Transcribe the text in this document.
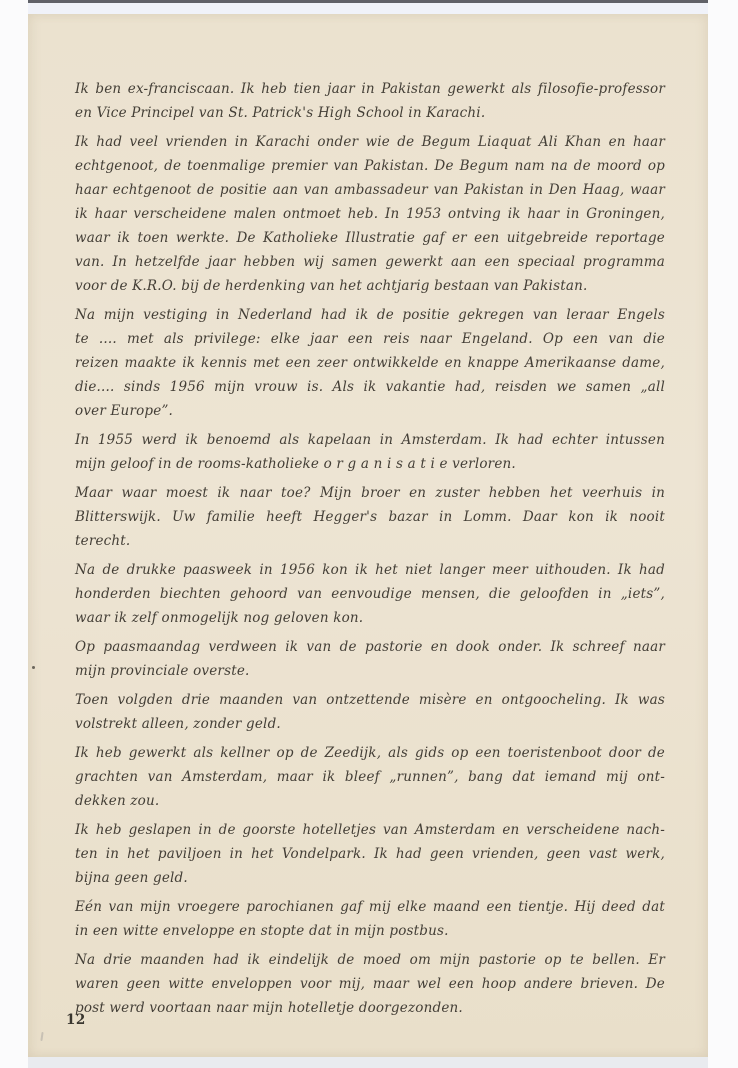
Ik ben ex-franciscaan. Ik heb tien jaar in Pakistan gewerkt als filosofie-professor
en Vice Principel van St. Patrick's High School in Karachi.

Ik had veel vrienden in Karachi onder wie de Begum Liaquat Ali Khan en haar
echtgenoot, de toenmalige premier van Pakistan. De Begum nam na de moord op
haar echtgenoot de positie aan van ambassadeur van Pakistan in Den Haag, waar
ik haar verscheidene malen ontmoet heb. In 1953 ontving ik haar in Groningen,
waar ik toen werkte. De Katholieke Illustratie gaf er een uitgebreide reportage
van. In hetzelfde jaar hebben wij samen gewerkt aan een speciaal programma
voor de K.R.O. bij de herdenking van het achtjarig bestaan van Pakistan.

Na mijn vestiging in Nederland had ik de positie gekregen van leraar Engels
te .... met als privilege: elke jaar een reis naar Engeland. Op een van die
reizen maakte ik kennis met een zeer ontwikkelde en knappe Amerikaanse dame,
die.... sinds 1956 mijn vrouw is. Als ik vakantie had, reisden we samen „all
over Europe”.

In 1955 werd ik benoemd als kapelaan in Amsterdam. Ik had echter intussen
mijn geloof in de rooms-katholieke o r g a n i s a t i e verloren.

Maar waar moest ik naar toe? Mijn broer en zuster hebben het veerhuis in
Blitterswijk. Uw familie heeft Hegger's bazar in Lomm. Daar kon ik nooit
terecht.

Na de drukke paasweek in 1956 kon ik het niet langer meer uithouden. Ik had
honderden biechten gehoord van eenvoudige mensen, die geloofden in „iets”,
waar ik zelf onmogelijk nog geloven kon.

Op paasmaandag verdween ik van de pastorie en dook onder. Ik schreef naar
mijn provinciale overste.

Toen volgden drie maanden van ontzettende misère en ontgoocheling. Ik was
volstrekt alleen, zonder geld.

Ik heb gewerkt als kellner op de Zeedijk, als gids op een toeristenboot door de
grachten van Amsterdam, maar ik bleef „runnen”, bang dat iemand mij ont-
dekken zou.

Ik heb geslapen in de goorste hotelletjes van Amsterdam en verscheidene nach-
ten in het paviljoen in het Vondelpark. Ik had geen vrienden, geen vast werk,
bijna geen geld.

Eén van mijn vroegere parochianen gaf mij elke maand een tientje. Hij deed dat
in een witte enveloppe en stopte dat in mijn postbus.

Na drie maanden had ik eindelijk de moed om mijn pastorie op te bellen. Er
waren geen witte enveloppen voor mij, maar wel een hoop andere brieven. De
post werd voortaan naar mijn hotelletje doorgezonden.

12
